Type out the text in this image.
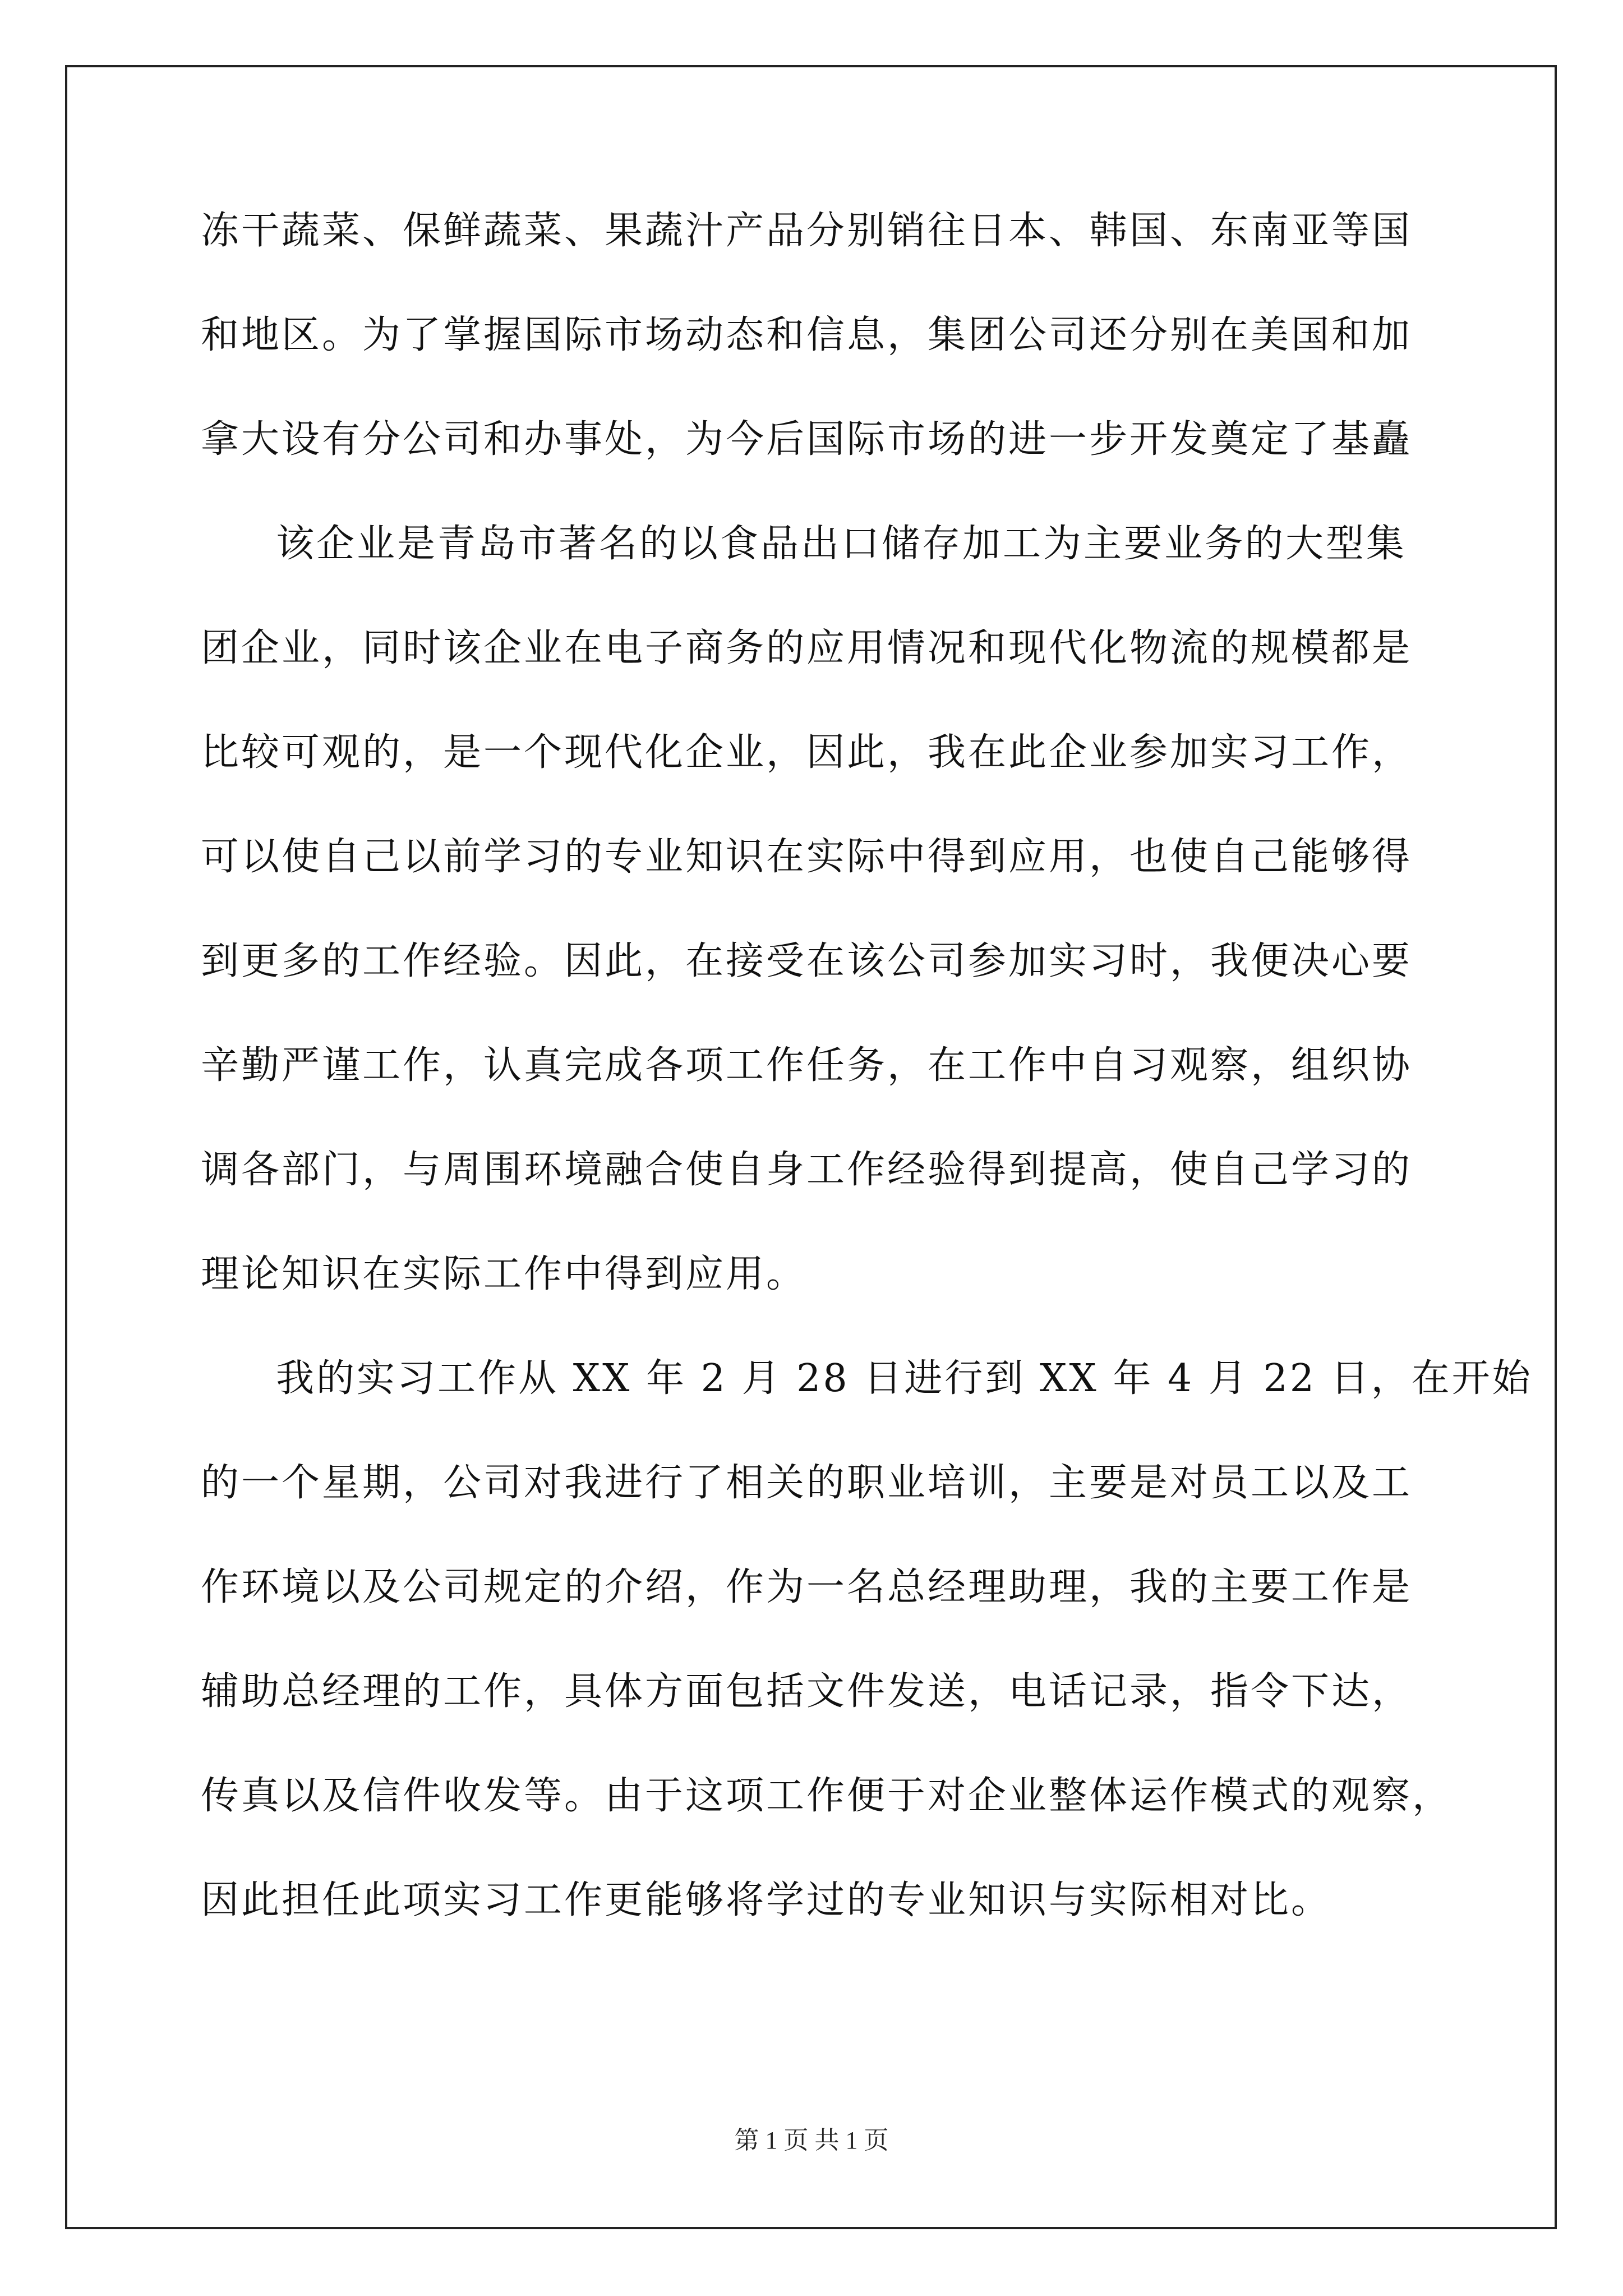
冻干蔬菜、保鲜蔬菜、果蔬汁产品分别销往日本、韩国、东南亚等国
和地区。为了掌握国际市场动态和信息，集团公司还分别在美国和加
拿大设有分公司和办事处，为今后国际市场的进一步开发奠定了基矗
该企业是青岛市著名的以食品出口储存加工为主要业务的大型集
团企业，同时该企业在电子商务的应用情况和现代化物流的规模都是
比较可观的，是一个现代化企业，因此，我在此企业参加实习工作，
可以使自己以前学习的专业知识在实际中得到应用，也使自己能够得
到更多的工作经验。因此，在接受在该公司参加实习时，我便决心要
辛勤严谨工作，认真完成各项工作任务，在工作中自习观察，组织协
调各部门，与周围环境融合使自身工作经验得到提高，使自己学习的
理论知识在实际工作中得到应用。
我的实习工作从 XX 年 2 月 28 日进行到 XX 年 4 月 22 日，在开始
的一个星期，公司对我进行了相关的职业培训，主要是对员工以及工
作环境以及公司规定的介绍，作为一名总经理助理，我的主要工作是
辅助总经理的工作，具体方面包括文件发送，电话记录，指令下达，
传真以及信件收发等。由于这项工作便于对企业整体运作模式的观察，
因此担任此项实习工作更能够将学过的专业知识与实际相对比。
第 1 页 共 1 页
